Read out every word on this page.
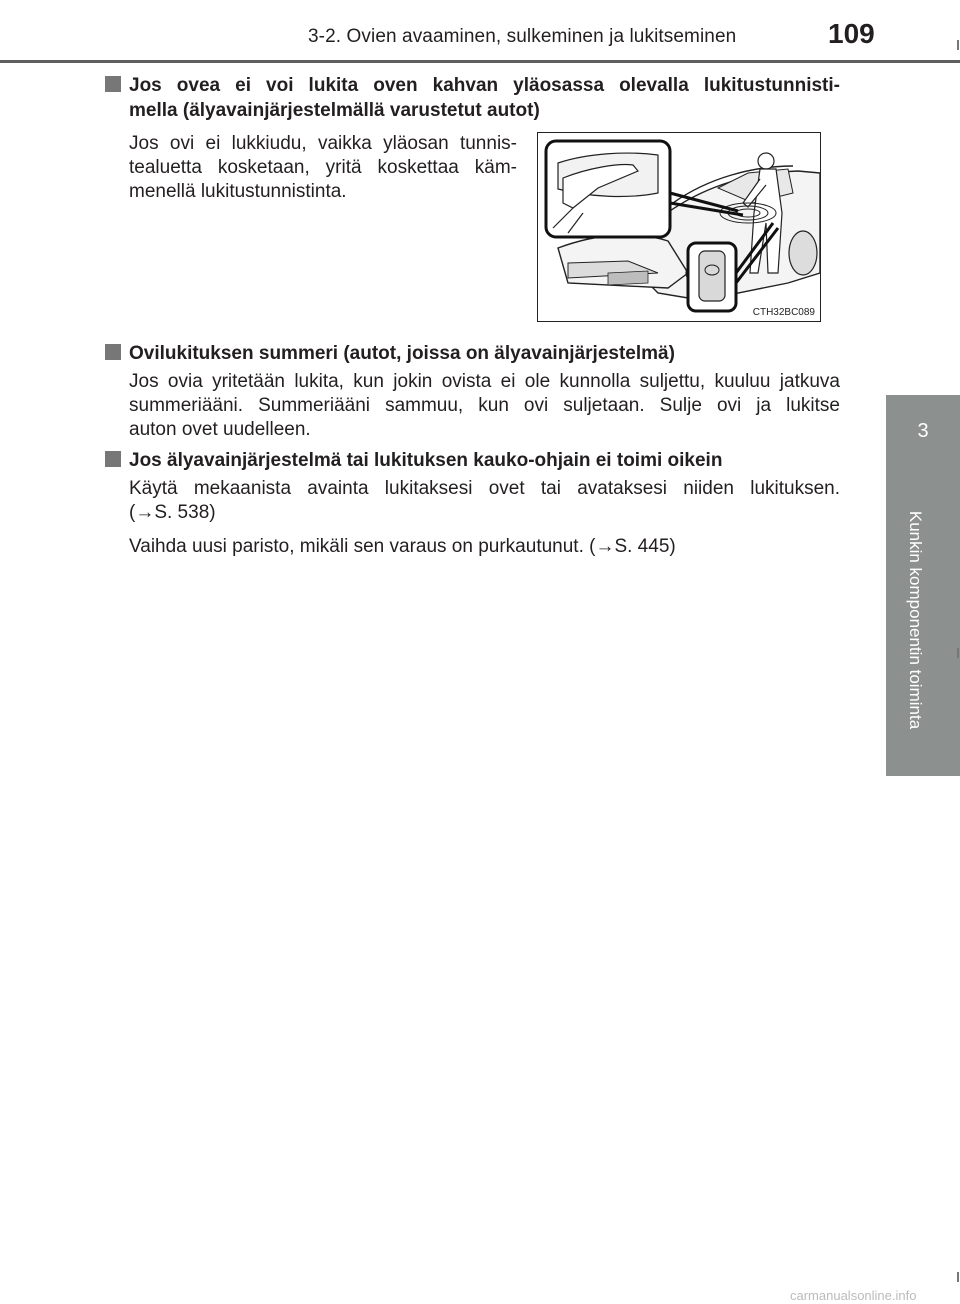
3-2. Ovien avaaminen, sulkeminen ja lukitseminen	109
3
Kunkin komponentin toiminta
Jos ovea ei voi lukita oven kahvan yläosassa olevalla lukitustunnisti-
mella (älyavainjärjestelmällä varustetut autot)
Jos ovi ei lukkiudu, vaikka yläosan tunnis-
tealuetta kosketaan, yritä koskettaa käm-
menellä lukitustunnistinta.
CTH32BC089
Ovilukituksen summeri (autot, joissa on älyavainjärjestelmä)
Jos ovia yritetään lukita, kun jokin ovista ei ole kunnolla suljettu, kuuluu jatkuva
summeriääni. Summeriääni sammuu, kun ovi suljetaan. Sulje ovi ja lukitse
auton ovet uudelleen.
Jos älyavainjärjestelmä tai lukituksen kauko-ohjain ei toimi oikein
Käytä mekaanista avainta lukitaksesi ovet tai avataksesi niiden lukituksen.
(→S. 538)
Vaihda uusi paristo, mikäli sen varaus on purkautunut. (→S. 445)
carmanualsonline.info
